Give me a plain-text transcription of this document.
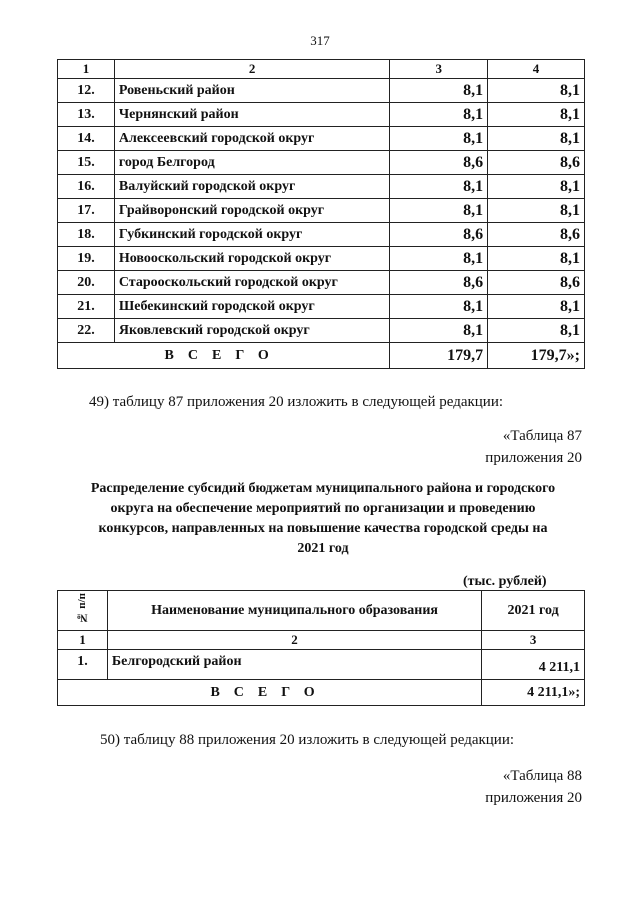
317
1	2	3	4
12.	Ровеньский район	8,1	8,1
13.	Чернянский район	8,1	8,1
14.	Алексеевский городской округ	8,1	8,1
15.	город Белгород	8,6	8,6
16.	Валуйский городской округ	8,1	8,1
17.	Грайворонский городской округ	8,1	8,1
18.	Губкинский городской округ	8,6	8,6
19.	Новооскольский городской округ	8,1	8,1
20.	Старооскольский городской округ	8,6	8,6
21.	Шебекинский городской округ	8,1	8,1
22.	Яковлевский городской округ	8,1	8,1
ВСЕГО		179,7	179,7»;
49) таблицу 87 приложения 20 изложить в следующей редакции:
«Таблица 87
приложения 20
Распределение субсидий бюджетам муниципального района и городского
округа на обеспечение мероприятий по организации и проведению
конкурсов, направленных на повышение качества городской среды на
2021 год
(тыс. рублей)
№ п/п	Наименование муниципального образования	2021 год
1	2	3
1.	Белгородский район	4 211,1
ВСЕГО		4 211,1»;
50) таблицу 88 приложения 20 изложить в следующей редакции:
«Таблица 88
приложения 20
